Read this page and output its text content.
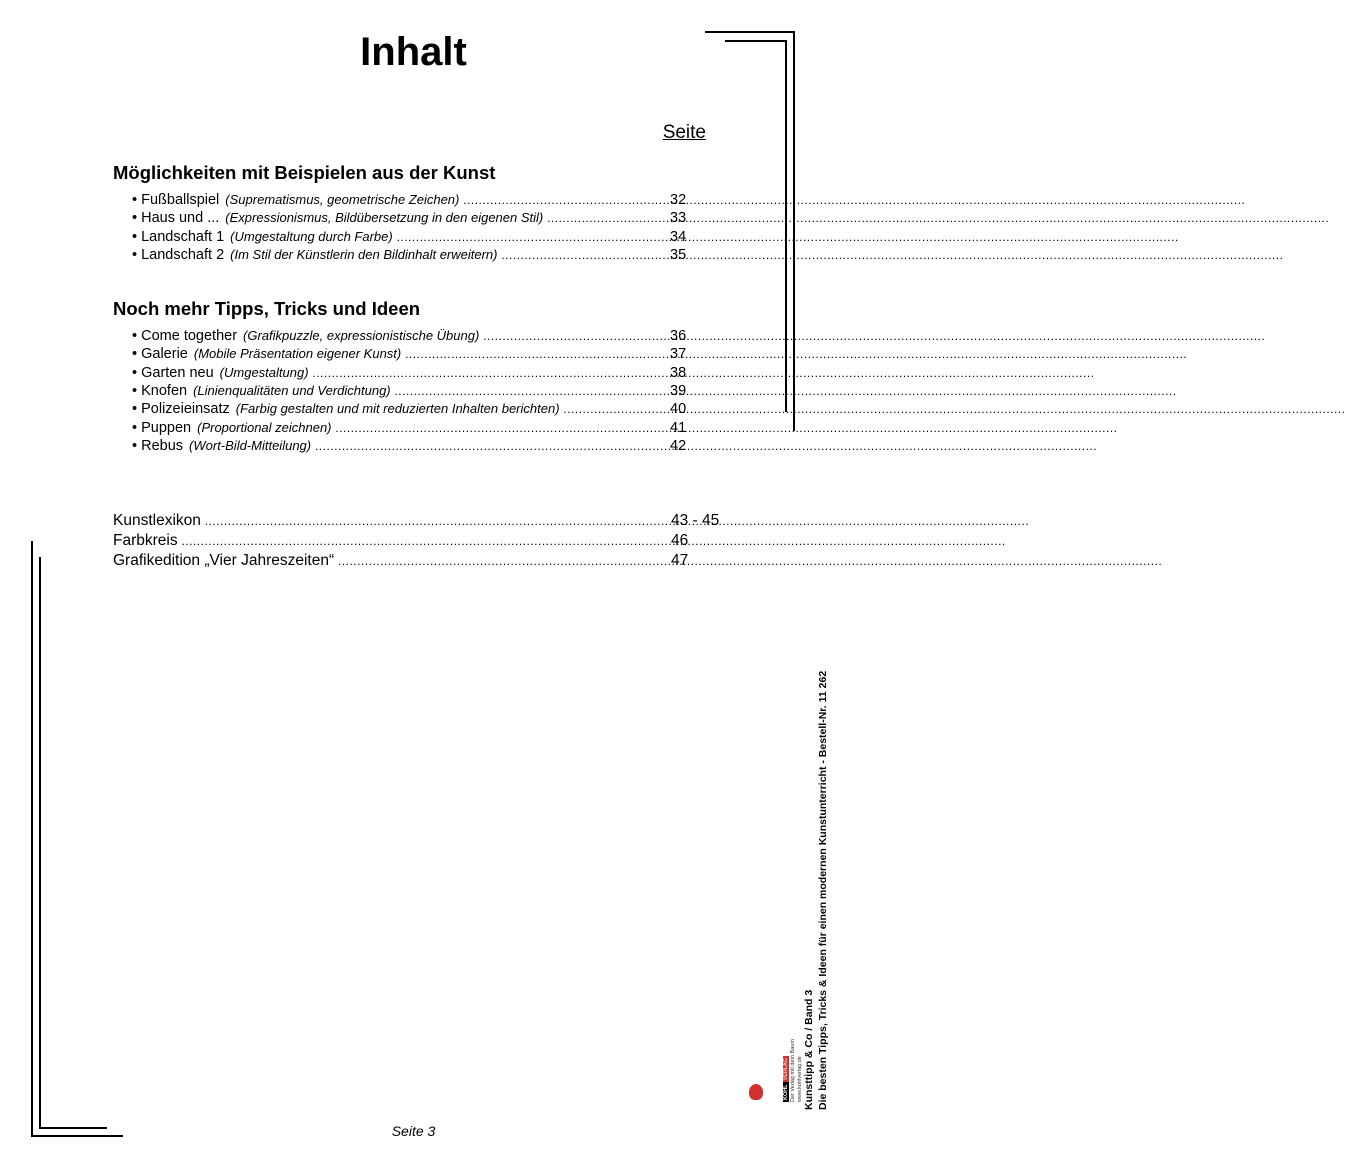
Inhalt
Seite
Möglichkeiten mit Beispielen aus der Kunst
• Fußballspiel (Suprematismus, geometrische Zeichen) .....	32
• Haus und ... (Expressionismus, Bildübersetzung in den eigenen Stil) .....	33
• Landschaft 1 (Umgestaltung durch Farbe) .....	34
• Landschaft 2 (Im Stil der Künstlerin den Bildinhalt erweitern) .....	35
Noch mehr Tipps, Tricks und Ideen
• Come together (Grafikpuzzle, expressionistische Übung) .....	36
• Galerie (Mobile Präsentation eigener Kunst) .....	37
• Garten neu (Umgestaltung) .....	38
• Knofen (Linienqualitäten und Verdichtung) .....	39
• Polizeieinsatz (Farbig gestalten und mit reduzierten Inhalten berichten) .....	40
• Puppen (Proportional zeichnen) .....	41
• Rebus (Wort-Bild-Mitteilung) .....	42
Kunstlexikon .....	43 - 45
Farbkreis .....	46
Grafikedition „Vier Jahreszeiten“ .....	47
Kunsttipp & Co / Band 3 Die besten Tipps, Tricks & Ideen für einen modernen Kunstunterricht - Bestell-Nr. 11 262
KOHLVERLAG Der Verlag mit dem Baum www.kohlverlag.de
Seite 3
